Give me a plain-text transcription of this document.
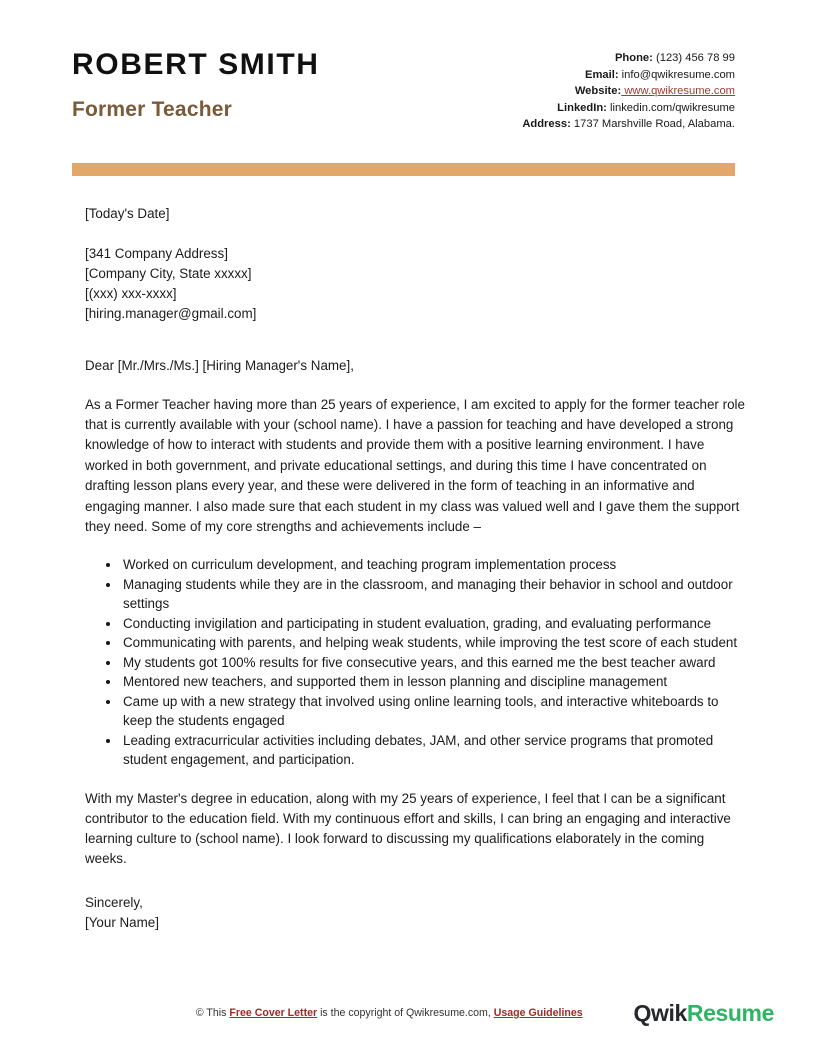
ROBERT SMITH
Former Teacher
Phone: (123) 456 78 99
Email: info@qwikresume.com
Website: www.qwikresume.com
LinkedIn: linkedin.com/qwikresume
Address: 1737 Marshville Road, Alabama.
[Today's Date]
[341 Company Address]
[Company City, State xxxxx]
[(xxx) xxx-xxxx]
[hiring.manager@gmail.com]
Dear [Mr./Mrs./Ms.] [Hiring Manager's Name],
As a Former Teacher having more than 25 years of experience, I am excited to apply for the former teacher role that is currently available with your (school name). I have a passion for teaching and have developed a strong knowledge of how to interact with students and provide them with a positive learning environment. I have worked in both government, and private educational settings, and during this time I have concentrated on drafting lesson plans every year, and these were delivered in the form of teaching in an informative and engaging manner. I also made sure that each student in my class was valued well and I gave them the support they need. Some of my core strengths and achievements include –
Worked on curriculum development, and teaching program implementation process
Managing students while they are in the classroom, and managing their behavior in school and outdoor settings
Conducting invigilation and participating in student evaluation, grading, and evaluating performance
Communicating with parents, and helping weak students, while improving the test score of each student
My students got 100% results for five consecutive years, and this earned me the best teacher award
Mentored new teachers, and supported them in lesson planning and discipline management
Came up with a new strategy that involved using online learning tools, and interactive whiteboards to keep the students engaged
Leading extracurricular activities including debates, JAM, and other service programs that promoted student engagement, and participation.
With my Master's degree in education, along with my 25 years of experience, I feel that I can be a significant contributor to the education field. With my continuous effort and skills, I can bring an engaging and interactive learning culture to (school name). I look forward to discussing my qualifications elaborately in the coming weeks.
Sincerely,
[Your Name]
© This Free Cover Letter is the copyright of Qwikresume.com, Usage Guidelines	QwikResume
